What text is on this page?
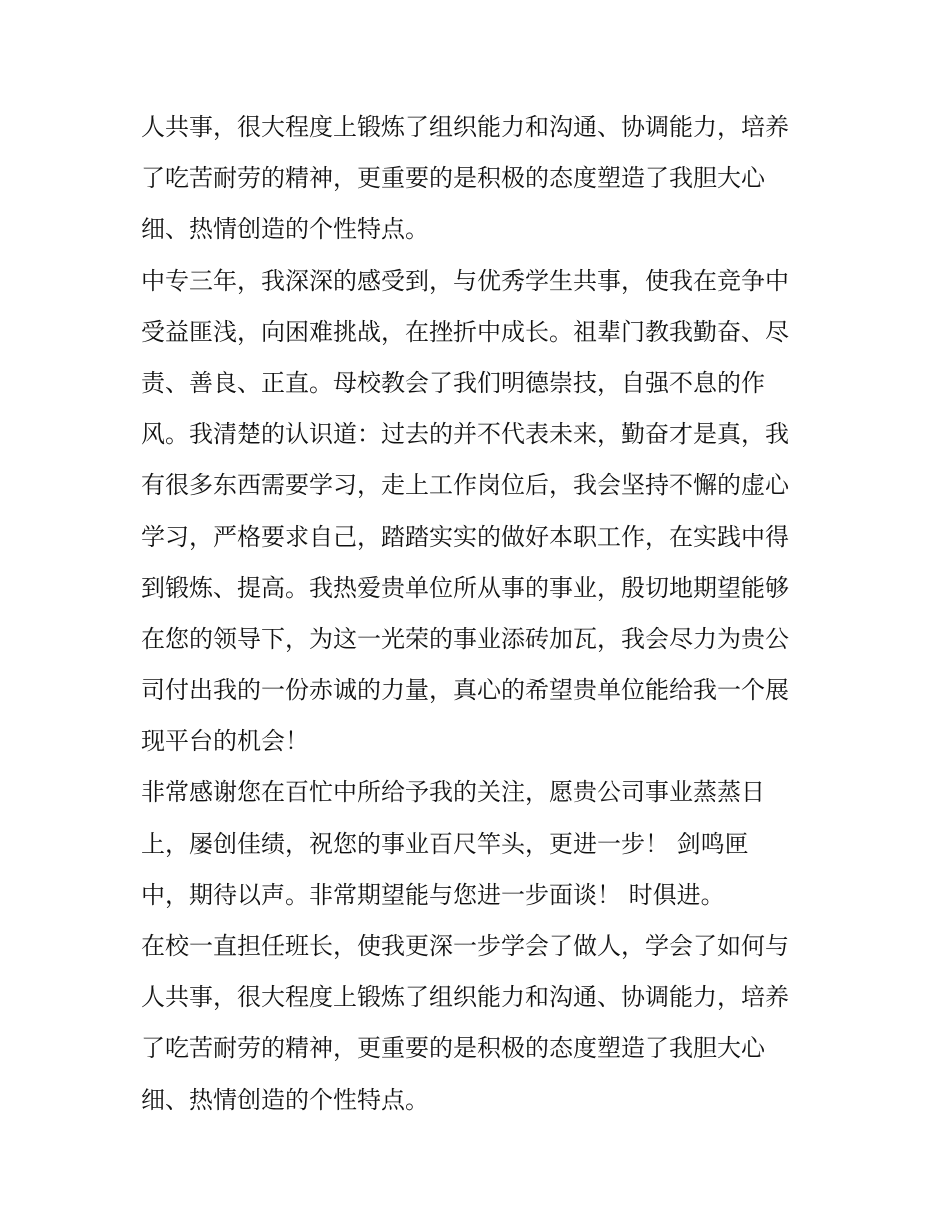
人共事，很大程度上锻炼了组织能力和沟通、协调能力，培养
了吃苦耐劳的精神，更重要的是积极的态度塑造了我胆大心
细、热情创造的个性特点。
中专三年，我深深的感受到，与优秀学生共事，使我在竞争中
受益匪浅，向困难挑战，在挫折中成长。祖辈门教我勤奋、尽
责、善良、正直。母校教会了我们明德崇技，自强不息的作
风。我清楚的认识道：过去的并不代表未来，勤奋才是真，我
有很多东西需要学习，走上工作岗位后，我会坚持不懈的虚心
学习，严格要求自己，踏踏实实的做好本职工作，在实践中得
到锻炼、提高。我热爱贵单位所从事的事业，殷切地期望能够
在您的领导下，为这一光荣的事业添砖加瓦，我会尽力为贵公
司付出我的一份赤诚的力量，真心的希望贵单位能给我一个展
现平台的机会！
非常感谢您在百忙中所给予我的关注，愿贵公司事业蒸蒸日
上，屡创佳绩，祝您的事业百尺竿头，更进一步！ 剑鸣匣
中，期待以声。非常期望能与您进一步面谈！ 时俱进。
在校一直担任班长，使我更深一步学会了做人，学会了如何与
人共事，很大程度上锻炼了组织能力和沟通、协调能力，培养
了吃苦耐劳的精神，更重要的是积极的态度塑造了我胆大心
细、热情创造的个性特点。
